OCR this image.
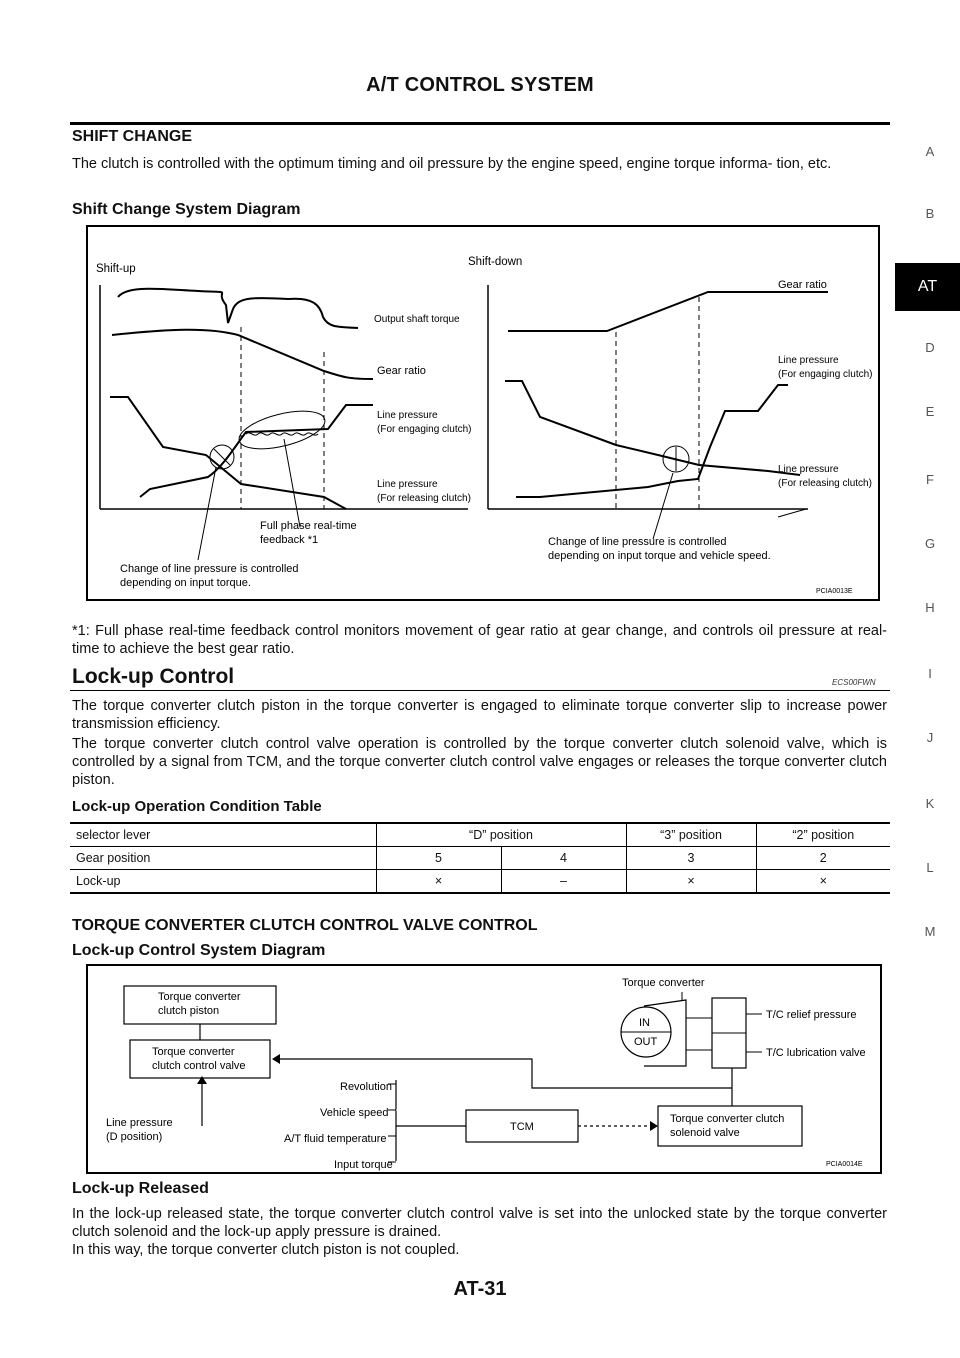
A/T CONTROL SYSTEM
A
B
D
E
F
G
H
I
J
K
L
M
AT
SHIFT CHANGE
The clutch is controlled with the optimum timing and oil pressure by the engine speed, engine torque informa- tion, etc.
Shift Change System Diagram
Shift-up
Shift-down
Output shaft torque
Gear ratio
Line pressure
(For engaging clutch)
Line pressure
(For releasing clutch)
Gear ratio
Line pressure
(For engaging clutch)
Line pressure
(For releasing clutch)
Full phase real-time
feedback *1
Change of line pressure is controlled
depending on input torque.
Change of line pressure is controlled
depending on input torque and vehicle speed.
PCIA0013E
*1: Full phase real-time feedback control monitors movement of gear ratio at gear change, and controls oil pressure at real-time to achieve the best gear ratio.
Lock-up Control	ECS00FWN
The torque converter clutch piston in the torque converter is engaged to eliminate torque converter slip to increase power transmission efficiency.
The torque converter clutch control valve operation is controlled by the torque converter clutch solenoid valve, which is controlled by a signal from TCM, and the torque converter clutch control valve engages or releases the torque converter clutch piston.
Lock-up Operation Condition Table
selector lever	“D” position		“3” position	“2” position
Gear position	5	4	3	2
Lock-up	×	–	×	×
TORQUE CONVERTER CLUTCH CONTROL VALVE CONTROL
Lock-up Control System Diagram
Torque converter
clutch piston
Torque converter
clutch control valve
Line pressure
(D position)
Torque converter
IN
OUT
T/C relief pressure
T/C lubrication valve
Revolution
Vehicle speed
A/T fluid temperature
Input torque
TCM
Torque converter clutch
solenoid valve
PCIA0014E
Lock-up Released
In the lock-up released state, the torque converter clutch control valve is set into the unlocked state by the torque converter clutch solenoid and the lock-up apply pressure is drained.
In this way, the torque converter clutch piston is not coupled.
AT-31
